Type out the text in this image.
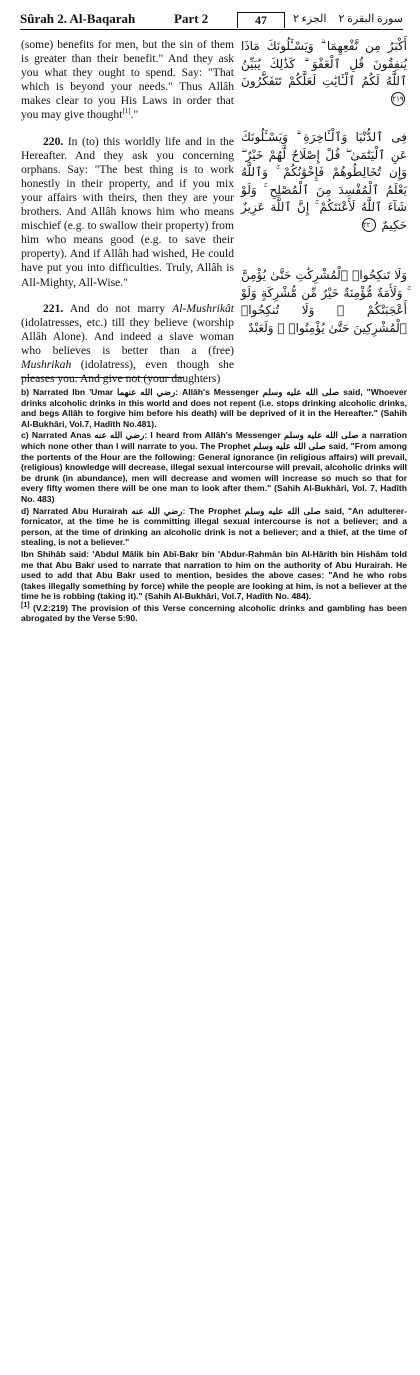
Sûrah 2. Al-Baqarah	Part 2	47	الجزء ٢ سورة البقرة ٢

(some) benefits for men, but the sin of them is greater than their benefit." And they ask you what they ought to spend. Say: "That which is beyond your needs." Thus Allâh makes clear to you His Laws in order that you may give thought[1]."

220. In (to) this worldly life and in the Hereafter. And they ask you concerning orphans. Say: "The best thing is to work honestly in their property, and if you mix your affairs with theirs, then they are your brothers. And Allâh knows him who means mischief (e.g. to swallow their property) from him who means good (e.g. to save their property). And if Allâh had wished, He could have put you into difficulties. Truly, Allâh is All-Mighty, All-Wise."

221. And do not marry Al-Mushrikât (idolatresses, etc.) till they believe (worship Allâh Alone). And indeed a slave woman who believes is better than a (free) Mushrikah (idolatress), even though she pleases you. And give not (your daughters)

أَكْبَرُ مِن نَّفْعِهِمَا ۗ وَيَسْـَٔلُونَكَ مَاذَا يُنفِقُونَ قُلِ ٱلْعَفْوَ ۗ كَذَٰلِكَ يُبَيِّنُ ٱللَّهُ لَكُمُ ٱلْـَٔايَٰتِ لَعَلَّكُمْ تَتَفَكَّرُونَ ٢١٩

فِى ٱلدُّنْيَا وَٱلْـَٔاخِرَةِ ۗ وَيَسْـَٔلُونَكَ عَنِ ٱلْيَتَٰمَىٰ ۖ قُلْ إِصْلَاحٌ لَّهُمْ خَيْرٌ ۖ وَإِن تُخَالِطُوهُمْ فَإِخْوَٰنُكُمْ ۚ وَٱللَّهُ يَعْلَمُ ٱلْمُفْسِدَ مِنَ ٱلْمُصْلِحِ ۚ وَلَوْ شَآءَ ٱللَّهُ لَأَعْنَتَكُمْ ۚ إِنَّ ٱللَّهَ عَزِيزٌ حَكِيمٌ ٢٢٠

وَلَا تَنكِحُوا۟ ٱلْمُشْرِكَٰتِ حَتَّىٰ يُؤْمِنَّ ۚ وَلَأَمَةٌ مُّؤْمِنَةٌ خَيْرٌ مِّن مُّشْرِكَةٍ وَلَوْ أَعْجَبَتْكُمْ ۗ وَلَا تُنكِحُوا۟ ٱلْمُشْرِكِينَ حَتَّىٰ يُؤْمِنُوا۟ ۚ وَلَعَبْدٌ

b) Narrated Ibn 'Umar رضي الله عنهما: Allâh's Messenger صلى الله عليه وسلم said, "Whoever drinks alcoholic drinks in this world and does not repent (i.e. stops drinking alcoholic drinks, and begs Allâh to forgive him before his death) will be deprived of it in the Hereafter." (Sahih Al-Bukhâri, Vol.7, Hadîth No.481).

c) Narrated Anas رضي الله عنه: I heard from Allâh's Messenger صلى الله عليه وسلم a narration which none other than I will narrate to you. The Prophet صلى الله عليه وسلم said, "From among the portents of the Hour are the following: General ignorance (in religious affairs) will prevail, (religious) knowledge will decrease, illegal sexual intercourse will prevail, alcoholic drinks will be drunk (in abundance), men will decrease and women will increase so much so that for every fifty women there will be one man to look after them." (Sahih Al-Bukhâri, Vol. 7, Hadîth No. 483)

d) Narrated Abu Hurairah رضي الله عنه: The Prophet صلى الله عليه وسلم said, "An adulterer-fornicator, at the time he is committing illegal sexual intercourse is not a believer; and a person, at the time of drinking an alcoholic drink is not a believer; and a thief, at the time of stealing, is not a believer."

Ibn Shihâb said: 'Abdul Mâlik bin Abî-Bakr bin 'Abdur-Rahmân bin Al-Hârith bin Hishâm told me that Abu Bakr used to narrate that narration to him on the authority of Abu Hurairah. He used to add that Abu Bakr used to mention, besides the above cases: "And he who robs (takes illegally something by force) while the people are looking at him, is not a believer at the time he is robbing (taking it)." (Sahih Al-Bukhâri, Vol.7, Hadîth No. 484).

[1] (V.2:219) The provision of this Verse concerning alcoholic drinks and gambling has been abrogated by the Verse 5:90.
